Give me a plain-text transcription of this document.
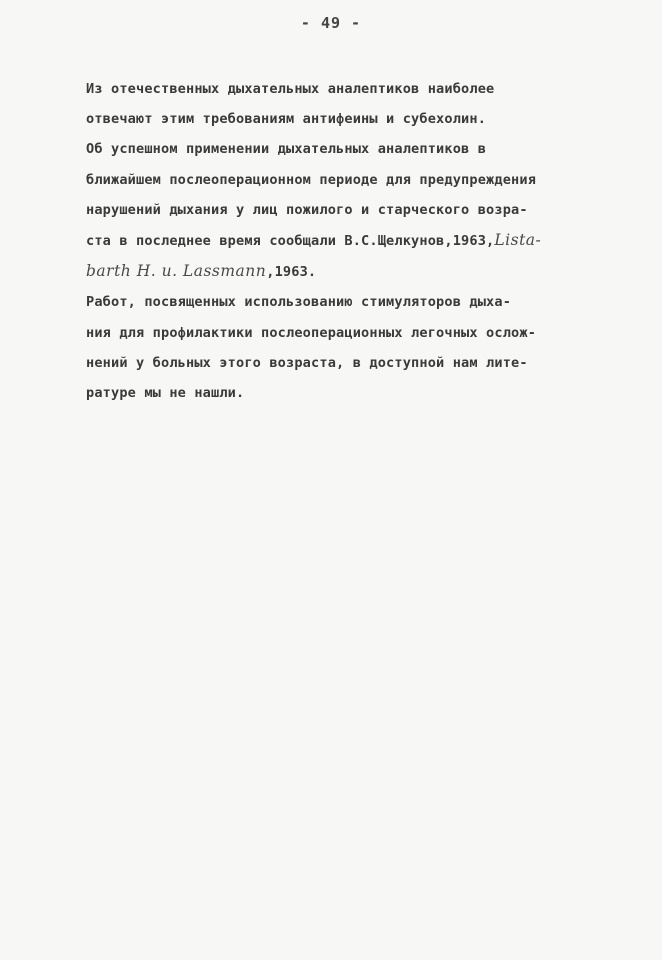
- 49 -
Из отечественных дыхательных аналептиков наиболее
отвечают этим требованиям антифеины и субехолин.
Об успешном применении дыхательных аналептиков в
ближайшем послеоперационном периоде для предупреждения
нарушений дыхания у лиц пожилого и старческого возра-
ста в последнее время сообщали В.С.Щелкунов,1963,Lista-
barth H. u. Lassmann,1963.
Работ, посвященных использованию стимуляторов дыха-
ния для профилактики послеоперационных легочных ослож-
нений у больных этого возраста, в доступной нам лите-
ратуре мы не нашли.
